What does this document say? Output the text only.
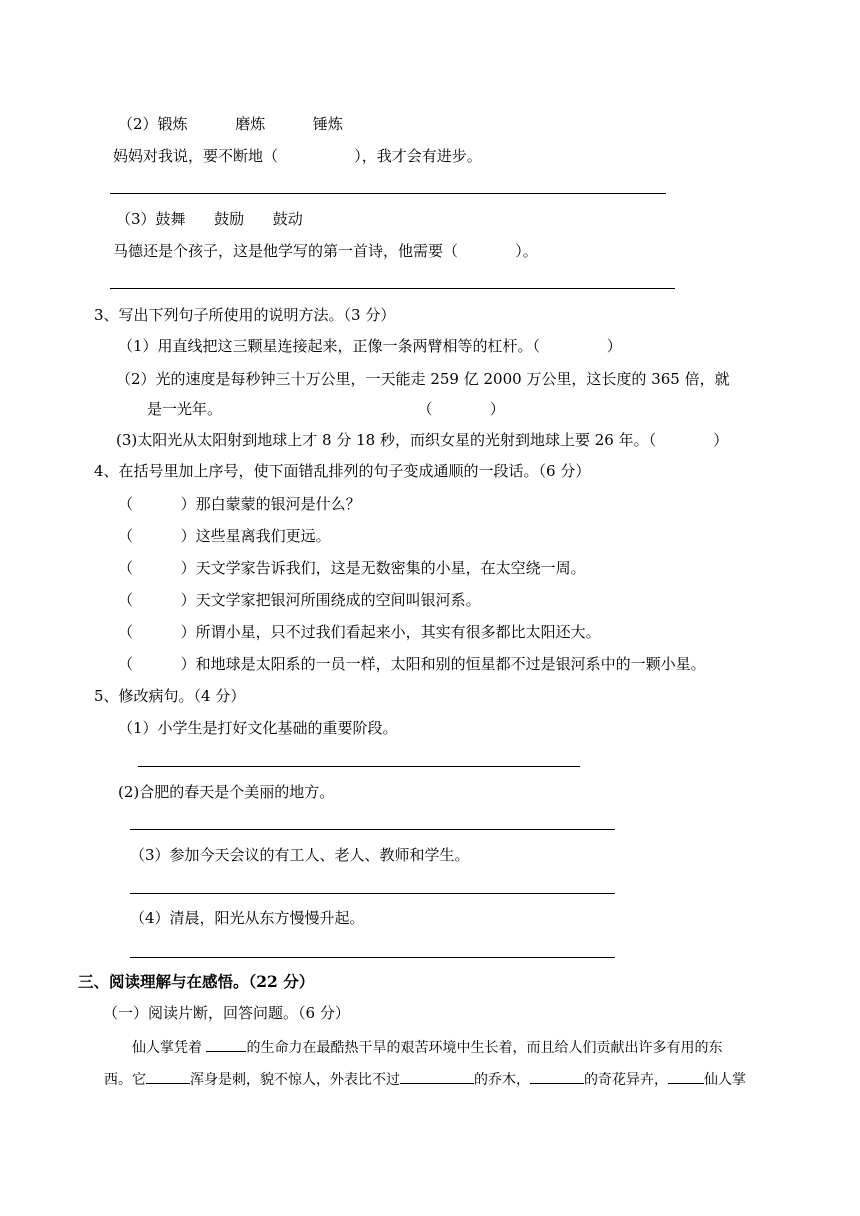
（2）锻炼          磨炼          锤炼
妈妈对我说，要不断地（                ），我才会有进步。
（3）鼓舞      鼓励      鼓动
马德还是个孩子，这是他学写的第一首诗，他需要（            ）。
3、写出下列句子所使用的说明方法。（3 分）
（1）用直线把这三颗星连接起来，正像一条两臂相等的杠杆。（              ）
（2）光的速度是每秒钟三十万公里，一天能走 259 亿 2000 万公里，这长度的 365 倍，就
是一光年。                                         （            ）
(3)太阳光从太阳射到地球上才 8 分 18 秒，而织女星的光射到地球上要 26 年。（            ）
4、在括号里加上序号，使下面错乱排列的句子变成通顺的一段话。（6 分）
（          ）那白蒙蒙的银河是什么？
（          ）这些星离我们更远。
（          ）天文学家告诉我们，这是无数密集的小星，在太空绕一周。
（          ）天文学家把银河所围绕成的空间叫银河系。
（          ）所谓小星，只不过我们看起来小，其实有很多都比太阳还大。
（          ）和地球是太阳系的一员一样，太阳和别的恒星都不过是银河系中的一颗小星。
5、修改病句。（4 分）
（1）小学生是打好文化基础的重要阶段。
(2)合肥的春天是个美丽的地方。
（3）参加今天会议的有工人、老人、教师和学生。
（4）清晨，阳光从东方慢慢升起。
三、阅读理解与在感悟。（22 分）
（一）阅读片断，回答问题。（6 分）
仙人掌凭着	的生命力在最酷热干旱的艰苦环境中生长着，而且给人们贡献出许多有用的东
西。它	浑身是刺，貌不惊人，外表比不过	的乔木，	的奇花异卉，	仙人掌
